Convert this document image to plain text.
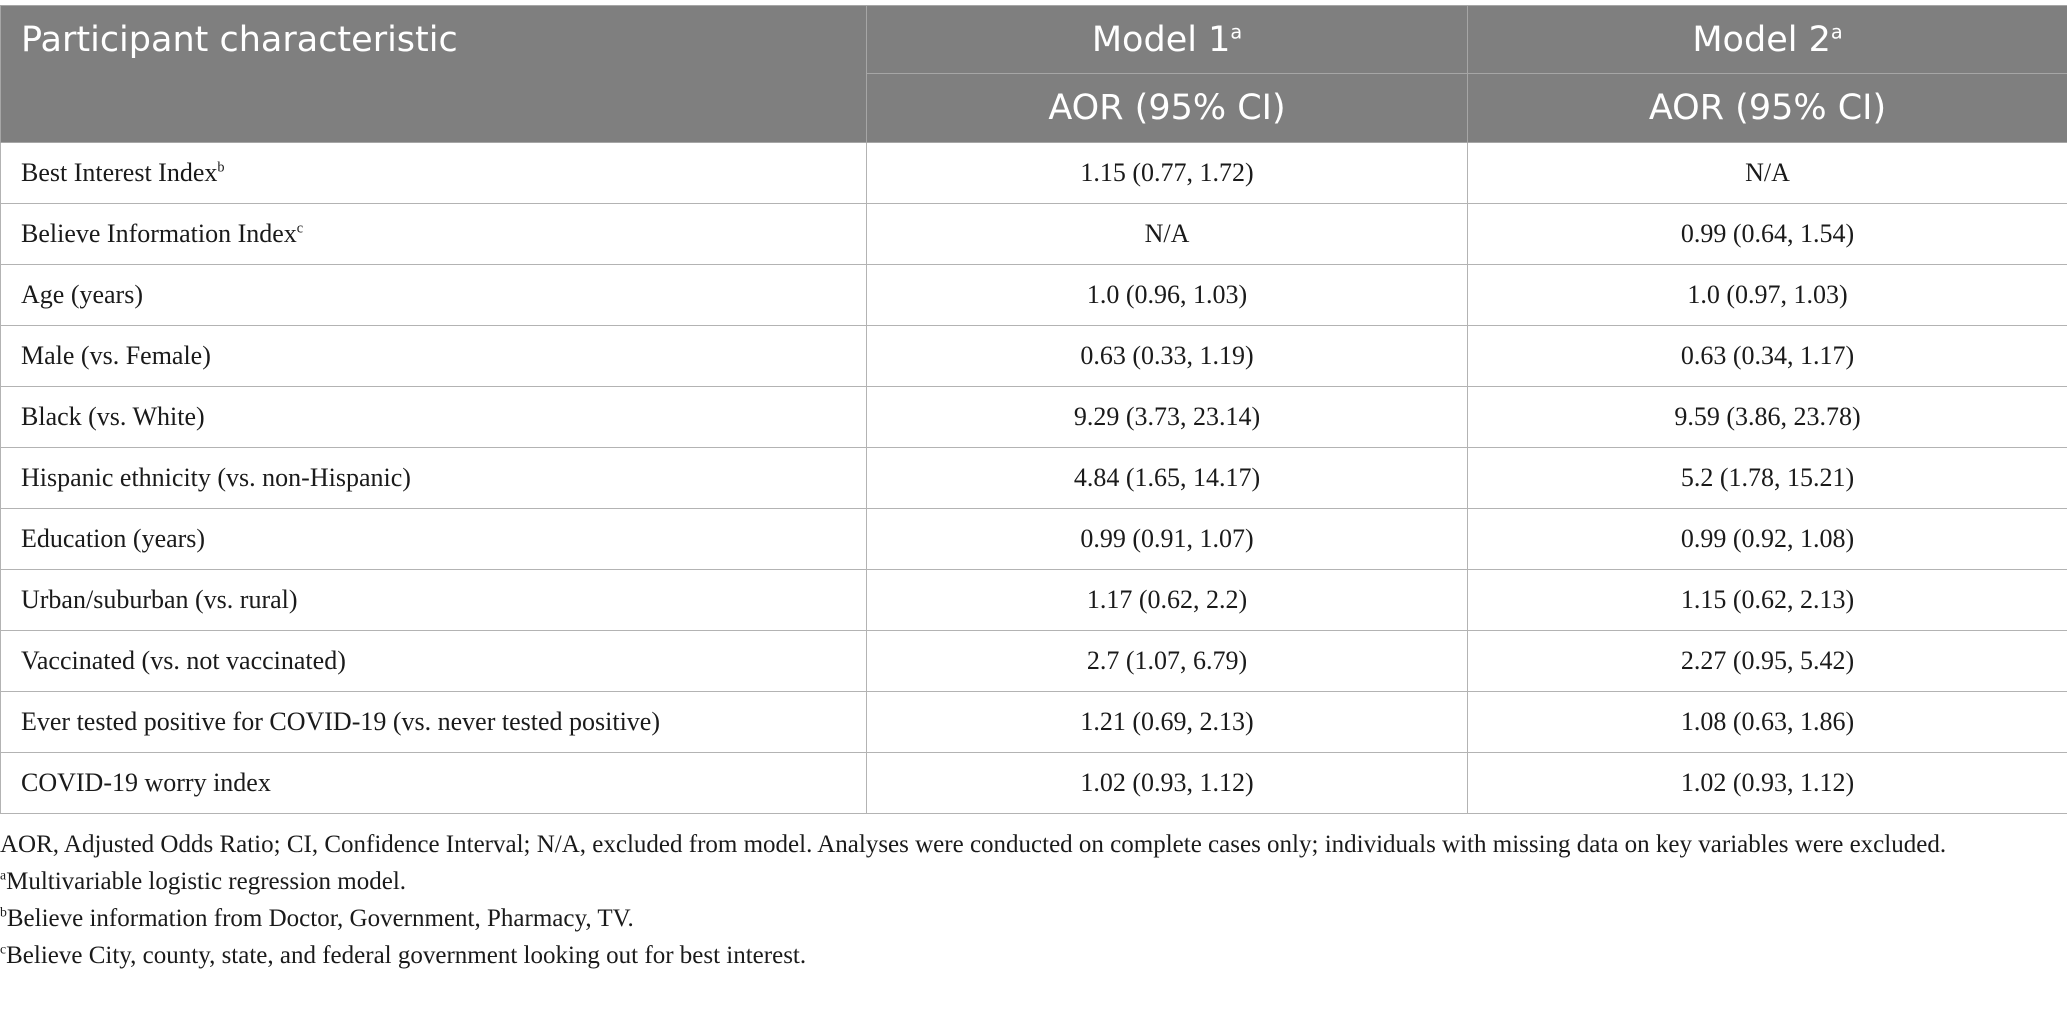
Participant characteristic	Model 1$^a$	Model 2$^a$
	AOR (95% CI)	AOR (95% CI)
Best Interest Index$^b$	1.15 (0.77, 1.72)	N/A
Believe Information Index$^c$	N/A	0.99 (0.64, 1.54)
Age (years)	1.0 (0.96, 1.03)	1.0 (0.97, 1.03)
Male (vs. Female)	0.63 (0.33, 1.19)	0.63 (0.34, 1.17)
Black (vs. White)	9.29 (3.73, 23.14)	9.59 (3.86, 23.78)
Hispanic ethnicity (vs. non-Hispanic)	4.84 (1.65, 14.17)	5.2 (1.78, 15.21)
Education (years)	0.99 (0.91, 1.07)	0.99 (0.92, 1.08)
Urban/suburban (vs. rural)	1.17 (0.62, 2.2)	1.15 (0.62, 2.13)
Vaccinated (vs. not vaccinated)	2.7 (1.07, 6.79)	2.27 (0.95, 5.42)
Ever tested positive for COVID-19 (vs. never tested positive)	1.21 (0.69, 2.13)	1.08 (0.63, 1.86)
COVID-19 worry index	1.02 (0.93, 1.12)	1.02 (0.93, 1.12)

AOR, Adjusted Odds Ratio; CI, Confidence Interval; N/A, excluded from model. Analyses were conducted on complete cases only; individuals with missing data on key variables were excluded.

$^a$Multivariable logistic regression model.

$^b$Believe information from Doctor, Government, Pharmacy, TV.

$^c$Believe City, county, state, and federal government looking out for best interest.
